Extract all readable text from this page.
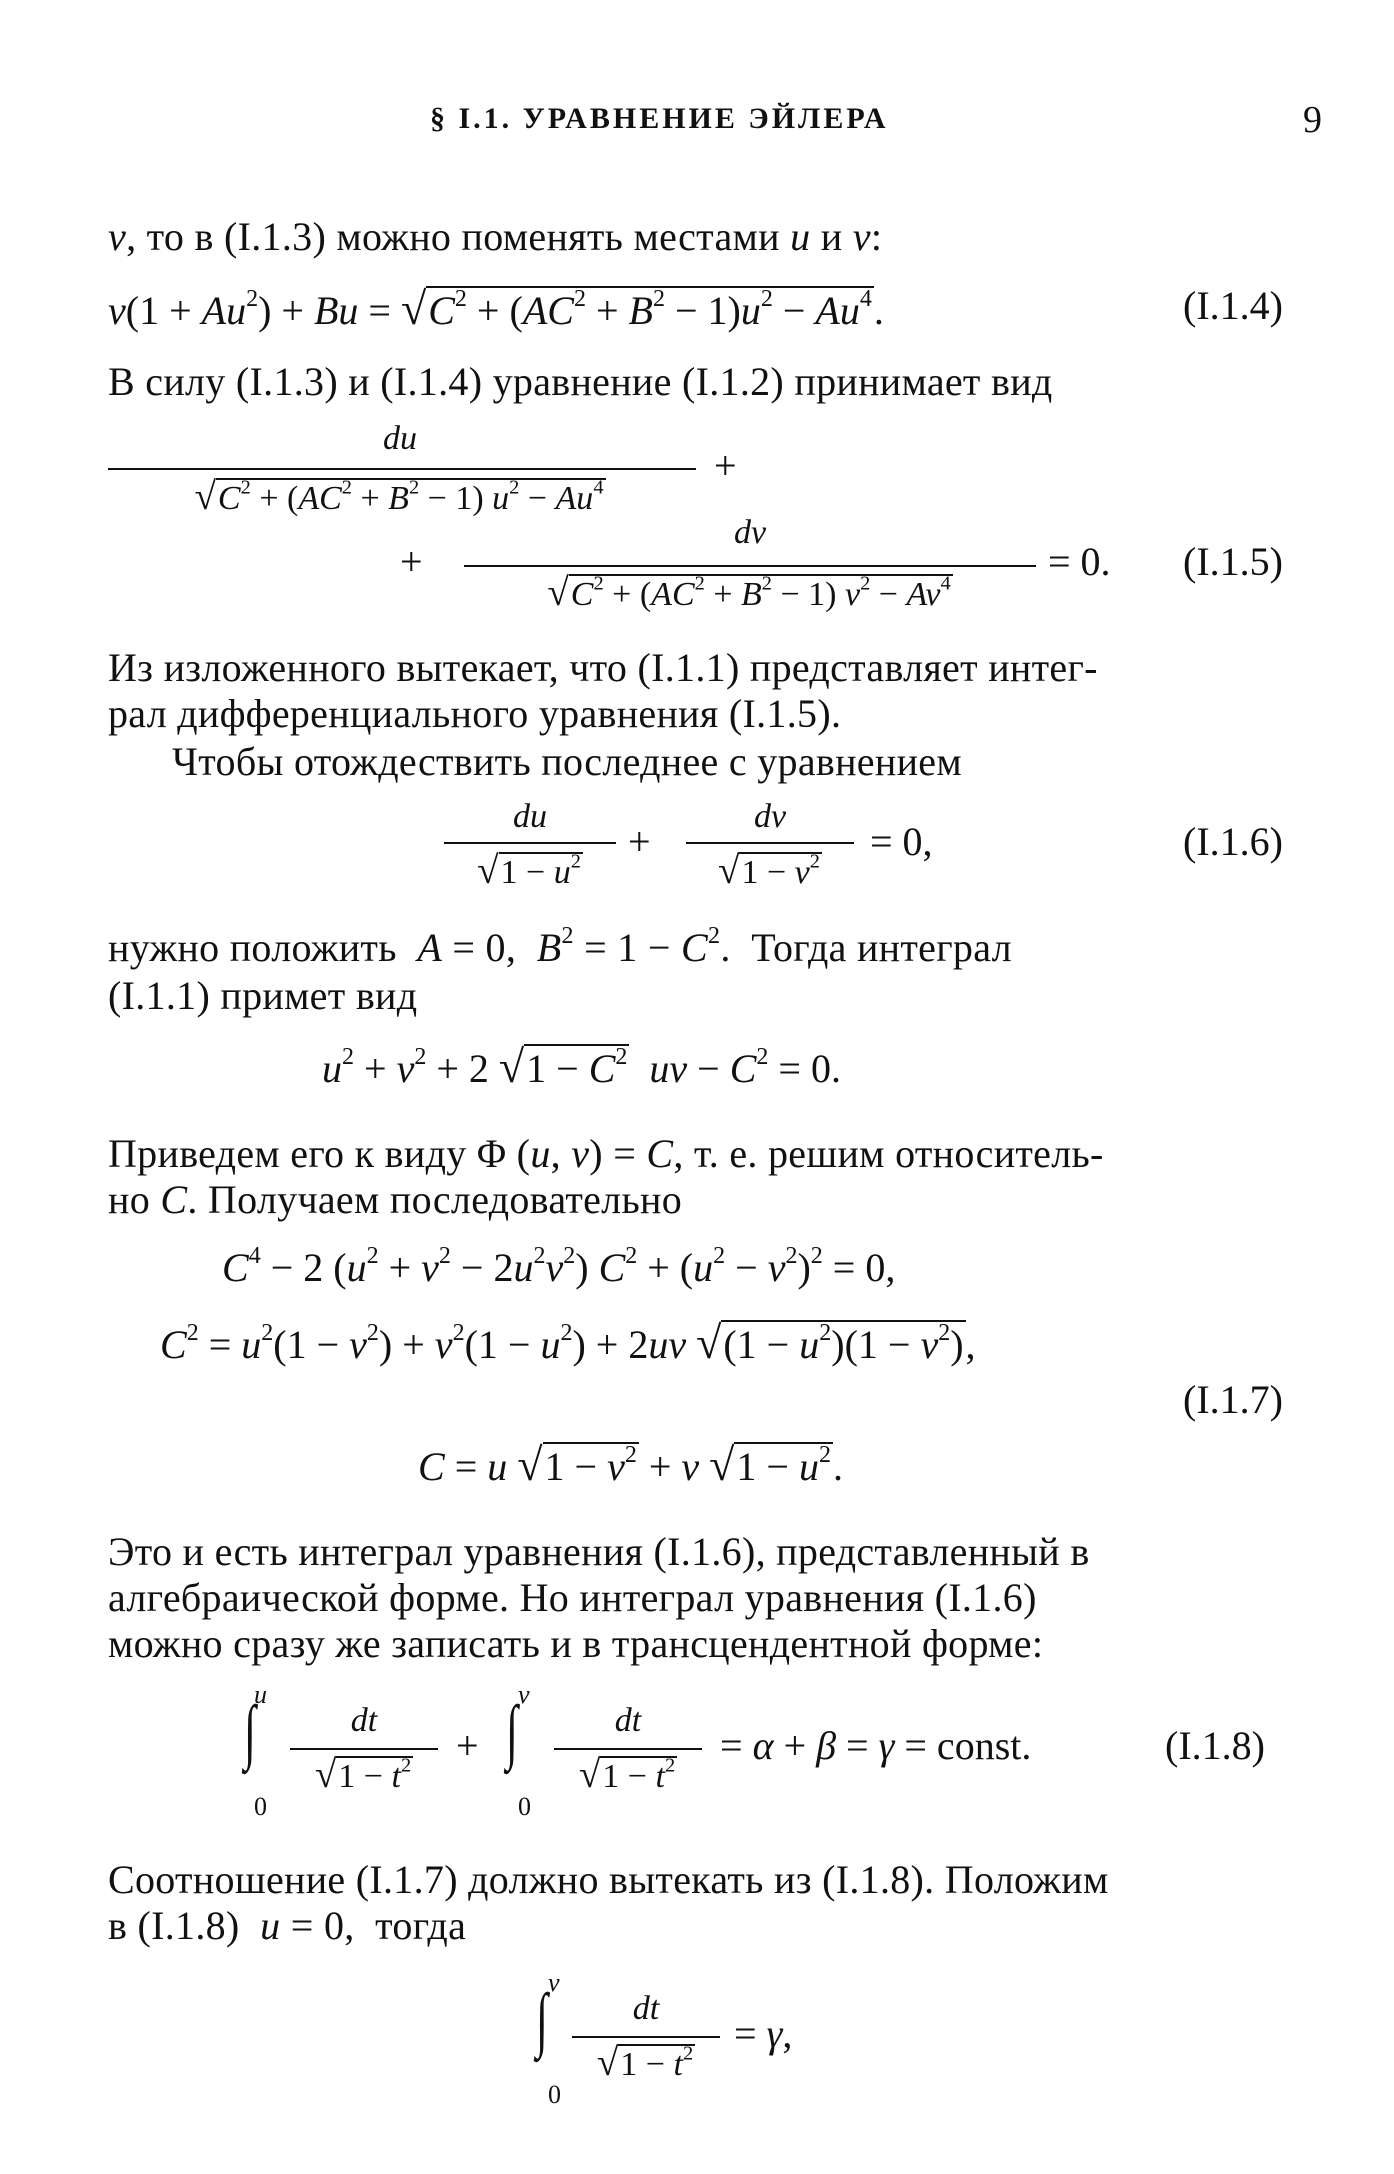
§ I.1. УРАВНЕНИЕ ЭЙЛЕРА	9
v, то в (I.1.3) можно поменять местами u и v:
$v(1 + Au^2) + Bu = √C^2 + (AC^2 + B^2 - 1)u^2 - Au^4$.	(I.1.4)
В силу (I.1.3) и (I.1.4) уравнение (I.1.2) принимает вид
du
$√C^2 + (AC^2 + B^2 - 1) u^2 - Au^4$	+
+
dv
$√C^2 + (AC^2 + B^2 - 1) v^2 - Av^4$	= 0. (I.1.5)
Из изложенного вытекает, что (I.1.1) представляет интег-
рал дифференциального уравнения (I.1.5).
Чтобы отождествить последнее с уравнением
du
$√1 - u^2$	+
dv
$√1 - v^2$	= 0,	(I.1.6)
нужно положить A = 0,  $B^2 = 1 - C^2$.  Тогда интеграл
(I.1.1) примет вид
$u^2 + v^2 + 2$ $√1 - C^2$  uv − $C^2 = 0$.
Приведем его к виду Φ (u, v) = C, т. е. решим относитель-
но C. Получаем последовательно
$C^4 - 2$ $(u^2 + v^2 - 2u^2v^2) C^2 + (u^2 - v^2)^2 = 0$,
$C^2 = u^2(1 - v^2) + v^2(1 - u^2) + 2uv$ $√(1 - u^2)(1 - v^2)$,
(I.1.7)
C = u $√1 - v^2 + v$ $√1 - u^2$.
Это и есть интеграл уравнения (I.1.6), представленный в
алгебраической форме. Но интеграл уравнения (I.1.6)
можно сразу же записать и в трансцендентной форме:
u
∫
0
dt
$√1 - t^2$	+
v
∫
0
dt
$√1 - t^2$	= α + β = γ = const.	(I.1.8)
Соотношение (I.1.7) должно вытекать из (I.1.8). Положим
в (I.1.8) u = 0,  тогда
v
∫
0
dt
$√1 - t^2$	= γ,
